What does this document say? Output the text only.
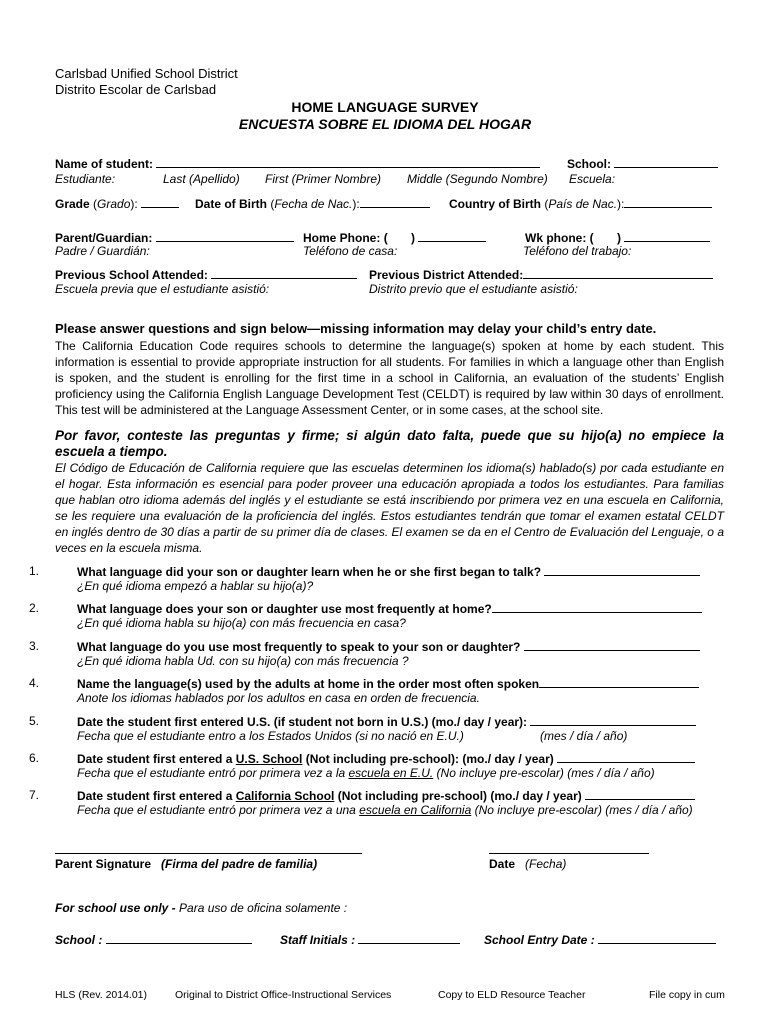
Carlsbad Unified School District
Distrito Escolar de Carlsbad
HOME LANGUAGE SURVEY
ENCUESTA SOBRE EL IDIOMA DEL HOGAR
Name of student:	School:
Estudiante:	Last (Apellido) First (Primer Nombre) Middle (Segundo Nombre) Escuela:
Grade (Grado):	Date of Birth (Fecha de Nac.):	Country of Birth (País de Nac.):
Parent/Guardian:	Home Phone: (       )	Wk phone: (       )
Padre / Guardián:	Teléfono de casa:	Teléfono del trabajo:
Previous School Attended:	Previous District Attended:
Escuela previa que el estudiante asistió:	Distrito previo que el estudiante asistió:
Please answer questions and sign below—missing information may delay your child’s entry date.
The California Education Code requires schools to determine the language(s) spoken at home by each student. This information is essential to provide appropriate instruction for all students. For families in which a language other than English is spoken, and the student is enrolling for the first time in a school in California, an evaluation of the students’ English proficiency using the California English Language Development Test (CELDT) is required by law within 30 days of enrollment. This test will be administered at the Language Assessment Center, or in some cases, at the school site.
Por favor, conteste las preguntas y firme; si algún dato falta, puede que su hijo(a) no empiece la escuela a tiempo.
El Código de Educación de California requiere que las escuelas determinen los idioma(s) hablado(s) por cada estudiante en el hogar. Esta información es esencial para poder proveer una educación apropiada a todos los estudiantes. Para familias que hablan otro idioma además del inglés y el estudiante se está inscribiendo por primera vez en una escuela en California, se les requiere una evaluación de la proficiencia del inglés. Estos estudiantes tendrán que tomar el examen estatal CELDT en inglés dentro de 30 días a partir de su primer día de clases. El examen se da en el Centro de Evaluación del Lenguaje, o a veces en la escuela misma.
1.	What language did your son or daughter learn when he or she first began to talk?
¿En qué idioma empezó a hablar su hijo(a)?
2.	What language does your son or daughter use most frequently at home?
¿En qué idioma habla su hijo(a) con más frecuencia en casa?
3.	What language do you use most frequently to speak to your son or daughter?
¿En qué idioma habla Ud. con su hijo(a) con más frecuencia ?
4.	Name the language(s) used by the adults at home in the order most often spoken
Anote los idiomas hablados por los adultos en casa en orden de frecuencia.
5.	Date the student first entered U.S. (if student not born in U.S.) (mo./ day / year):
Fecha que el estudiante entro a los Estados Unidos (si no nació en E.U.)	(mes / día / año)
6.	Date student first entered a U.S. School (Not including pre-school): (mo./ day / year)
Fecha que el estudiante entró por primera vez a la escuela en E.U. (No incluye pre-escolar) (mes / día / año)
7.	Date student first entered a California School (Not including pre-school) (mo./ day / year)
Fecha que el estudiante entró por primera vez a una escuela en California (No incluye pre-escolar) (mes / día / año)
Parent Signature (Firma del padre de familia)	Date (Fecha)
For school use only - Para uso de oficina solamente :
School :	Staff Initials :	School Entry Date :
HLS (Rev. 2014.01)	Original to District Office-Instructional Services	Copy to ELD Resource Teacher	File copy in cum
